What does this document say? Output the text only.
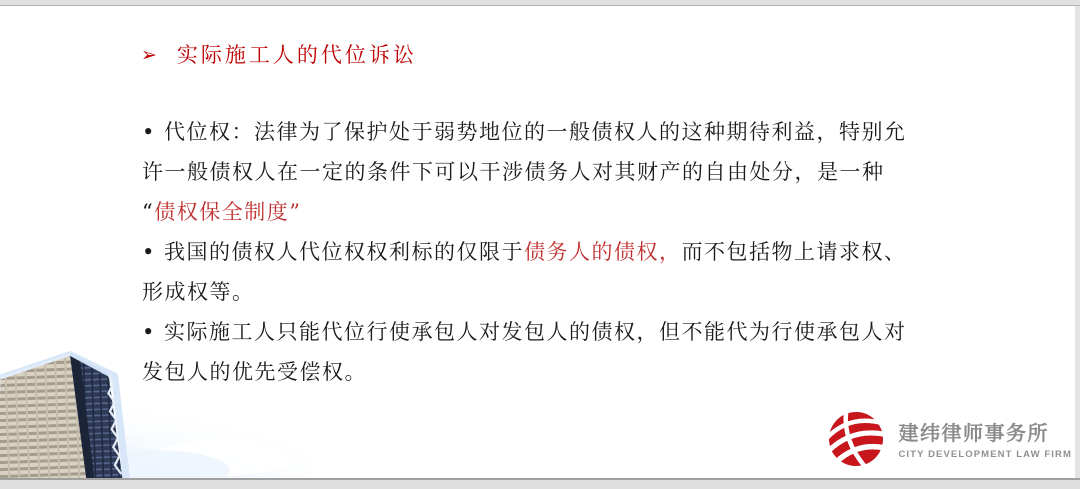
➢ 实际施工人的代位诉讼
• 代位权：法律为了保护处于弱势地位的一般债权人的这种期待利益，特别允
许一般债权人在一定的条件下可以干涉债务人对其财产的自由处分，是一种
“债权保全制度”
• 我国的债权人代位权权利标的仅限于债务人的债权，而不包括物上请求权、
形成权等。
• 实际施工人只能代位行使承包人对发包人的债权，但不能代为行使承包人对
发包人的优先受偿权。
建纬律师事务所
CITY DEVELOPMENT LAW FIRM
